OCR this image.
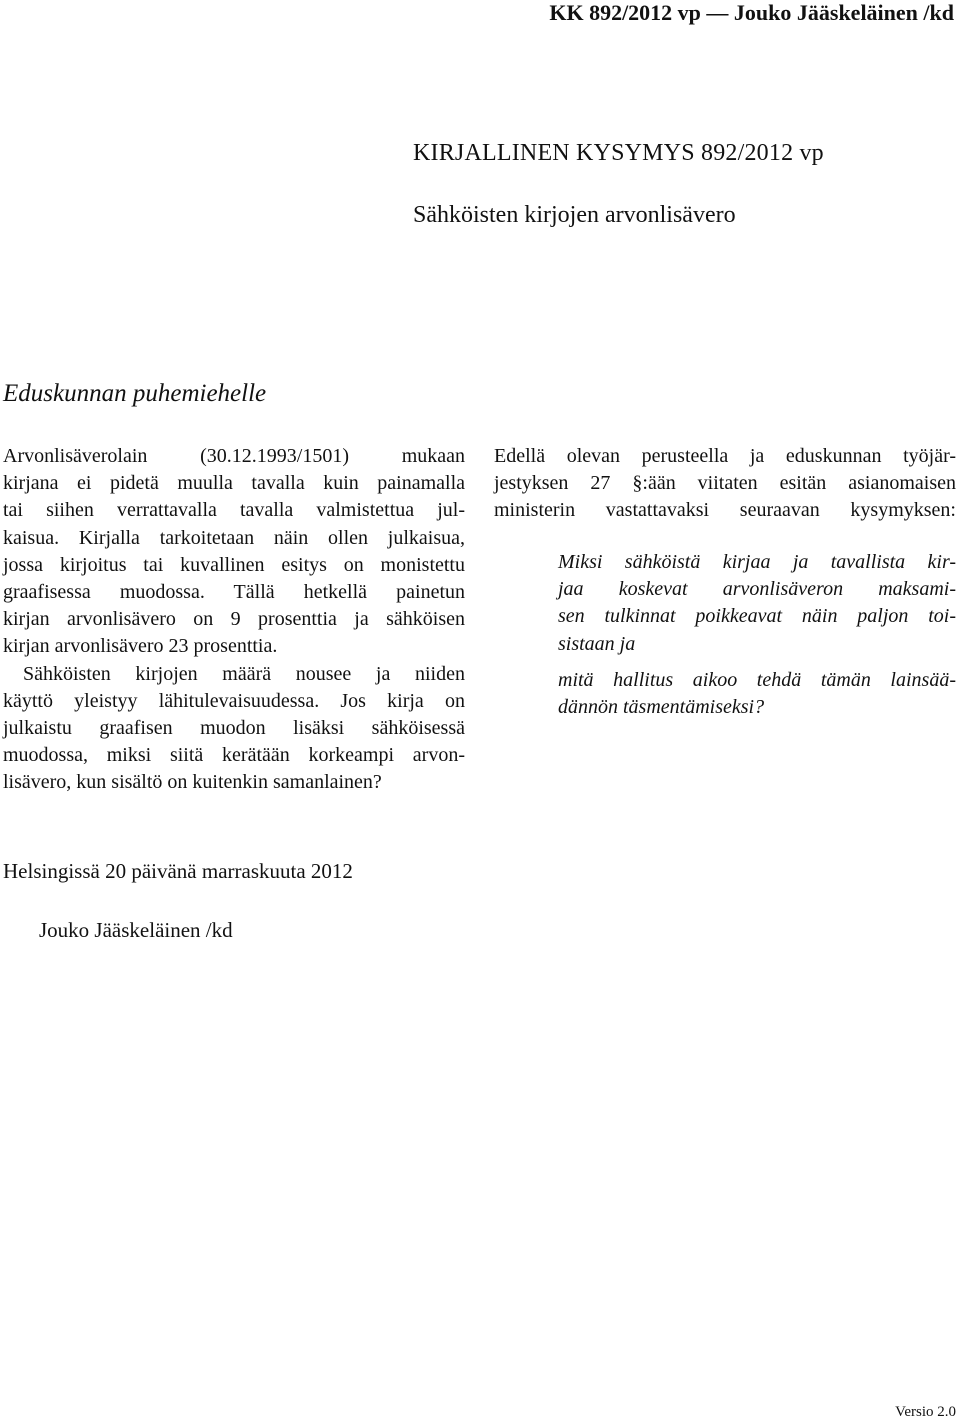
KK 892/2012 vp — Jouko Jääskeläinen /kd
KIRJALLINEN KYSYMYS 892/2012 vp
Sähköisten kirjojen arvonlisävero
Eduskunnan puhemiehelle
Arvonlisäverolain (30.12.1993/1501) mukaan
kirjana ei pidetä muulla tavalla kuin painamalla
tai siihen verrattavalla tavalla valmistettua jul-
kaisua. Kirjalla tarkoitetaan näin ollen julkaisua,
jossa kirjoitus tai kuvallinen esitys on monistettu
graafisessa muodossa. Tällä hetkellä painetun
kirjan arvonlisävero on 9 prosenttia ja sähköisen
kirjan arvonlisävero 23 prosenttia.
Sähköisten kirjojen määrä nousee ja niiden
käyttö yleistyy lähitulevaisuudessa. Jos kirja on
julkaistu graafisen muodon lisäksi sähköisessä
muodossa, miksi siitä kerätään korkeampi arvon-
lisävero, kun sisältö on kuitenkin samanlainen?
Edellä olevan perusteella ja eduskunnan työjär-
jestyksen 27 §:ään viitaten esitän asianomaisen
ministerin vastattavaksi seuraavan kysymyksen:
Miksi sähköistä kirjaa ja tavallista kir-
jaa koskevat arvonlisäveron maksami-
sen tulkinnat poikkeavat näin paljon toi-
sistaan ja
mitä hallitus aikoo tehdä tämän lainsää-
dännön täsmentämiseksi?
Helsingissä 20 päivänä marraskuuta 2012
Jouko Jääskeläinen /kd
Versio 2.0
